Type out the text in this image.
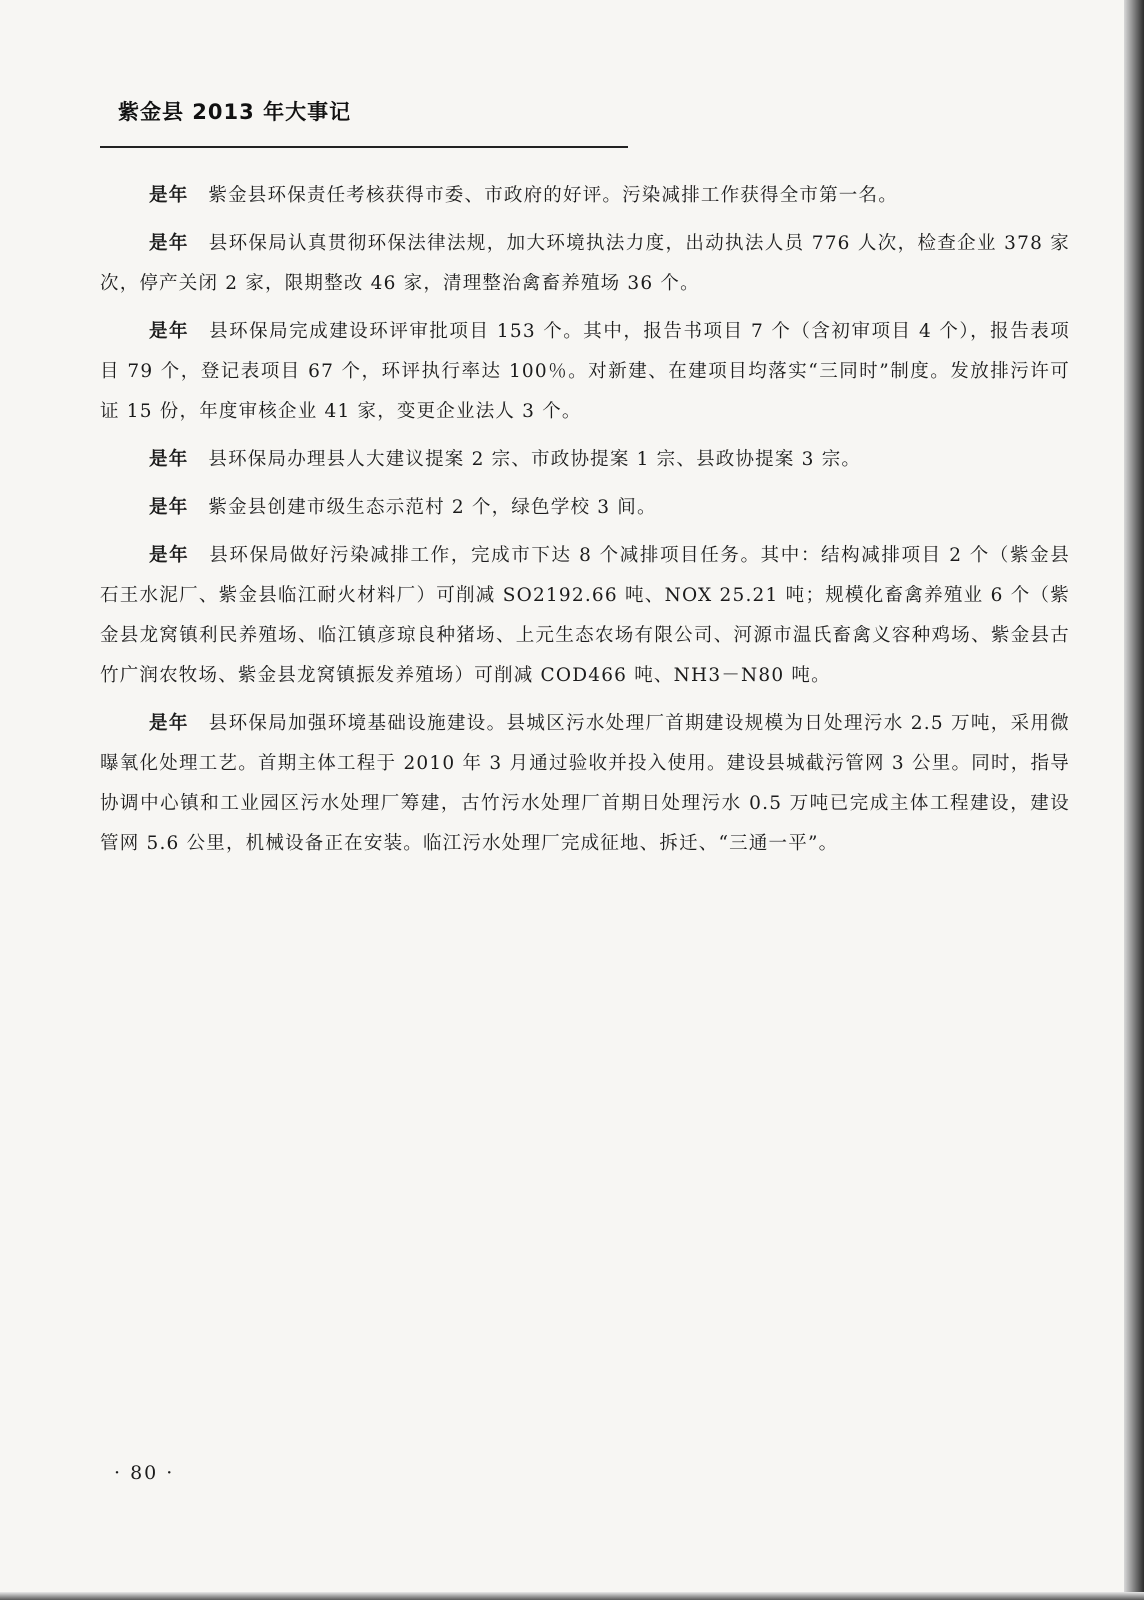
紫金县 2013 年大事记

是年 紫金县环保责任考核获得市委、市政府的好评。污染减排工作获得全市第一名。

是年 县环保局认真贯彻环保法律法规，加大环境执法力度，出动执法人员 776 人次，检查企业 378 家次，停产关闭 2 家，限期整改 46 家，清理整治禽畜养殖场 36 个。

是年 县环保局完成建设环评审批项目 153 个。其中，报告书项目 7 个（含初审项目 4 个），报告表项目 79 个，登记表项目 67 个，环评执行率达 100％。对新建、在建项目均落实“三同时”制度。发放排污许可证 15 份，年度审核企业 41 家，变更企业法人 3 个。

是年 县环保局办理县人大建议提案 2 宗、市政协提案 1 宗、县政协提案 3 宗。

是年 紫金县创建市级生态示范村 2 个，绿色学校 3 间。

是年 县环保局做好污染减排工作，完成市下达 8 个减排项目任务。其中：结构减排项目 2 个（紫金县石王水泥厂、紫金县临江耐火材料厂）可削减 SO2192.66 吨、NOX 25.21 吨；规模化畜禽养殖业 6 个（紫金县龙窝镇利民养殖场、临江镇彦琼良种猪场、上元生态农场有限公司、河源市温氏畜禽义容种鸡场、紫金县古竹广润农牧场、紫金县龙窝镇振发养殖场）可削减 COD466 吨、NH3－N80 吨。

是年 县环保局加强环境基础设施建设。县城区污水处理厂首期建设规模为日处理污水 2.5 万吨，采用微曝氧化处理工艺。首期主体工程于 2010 年 3 月通过验收并投入使用。建设县城截污管网 3 公里。同时，指导协调中心镇和工业园区污水处理厂筹建，古竹污水处理厂首期日处理污水 0.5 万吨已完成主体工程建设，建设管网 5.6 公里，机械设备正在安装。临江污水处理厂完成征地、拆迁、“三通一平”。

· 80 ·
